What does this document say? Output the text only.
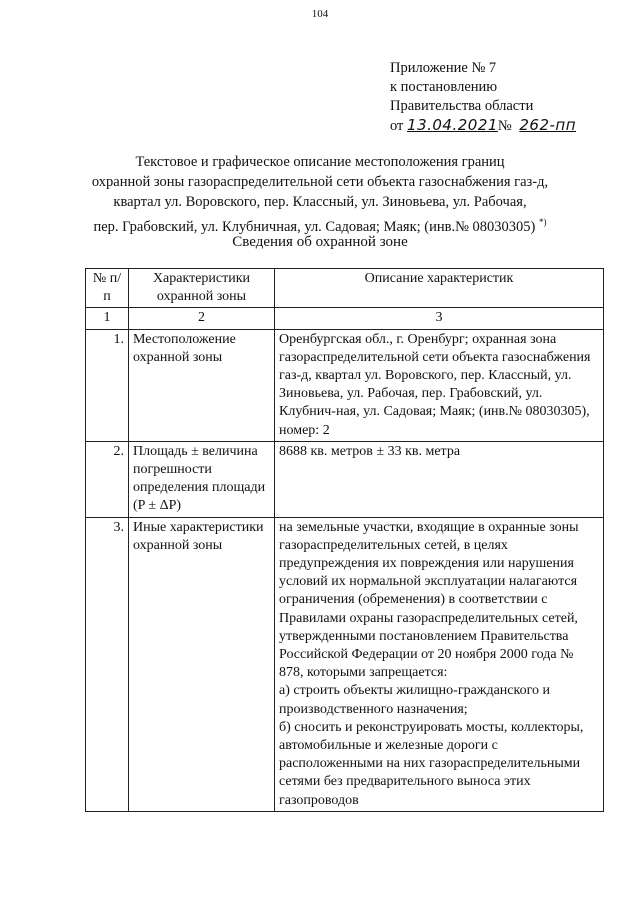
104
Приложение № 7
к постановлению
Правительства области
от 13.04.2021№ 262-пп
Текстовое и графическое описание местоположения границ
охранной зоны газораспределительной сети объекта газоснабжения газ-д,
квартал ул. Воровского, пер. Классный, ул. Зиновьева, ул. Рабочая,
пер. Грабовский, ул. Клубничная, ул. Садовая; Маяк; (инв.№ 08030305) *)
Сведения об охранной зоне
№ п/п	Характеристики охранной зоны	Описание характеристик
1	2	3
1.	Местоположение охранной зоны	Оренбургская обл., г. Оренбург; охранная зона газораспределительной сети объекта газоснабжения газ-д, квартал ул. Воровского, пер. Классный, ул. Зиновьева, ул. Рабочая, пер. Грабовский, ул. Клубнич-ная, ул. Садовая; Маяк; (инв.№ 08030305), номер: 2
2.	Площадь ± величина погрешности определения площади (P ± ΔP)	8688 кв. метров ± 33 кв. метра
3.	Иные характеристики охранной зоны	на земельные участки, входящие в охранные зоны газораспределительных сетей, в целях предупреждения их повреждения или нарушения условий их нормальной эксплуатации налагаются ограничения (обременения) в соответствии с Правилами охраны газораспределительных сетей, утвержденными постановлением Правительства Российской Федерации от 20 ноября 2000 года № 878, которыми запрещается:
а) строить объекты жилищно-гражданского и производственного назначения;
б) сносить и реконструировать мосты, коллекторы, автомобильные и железные дороги с расположенными на них газораспределительными сетями без предварительного выноса этих газопроводов
